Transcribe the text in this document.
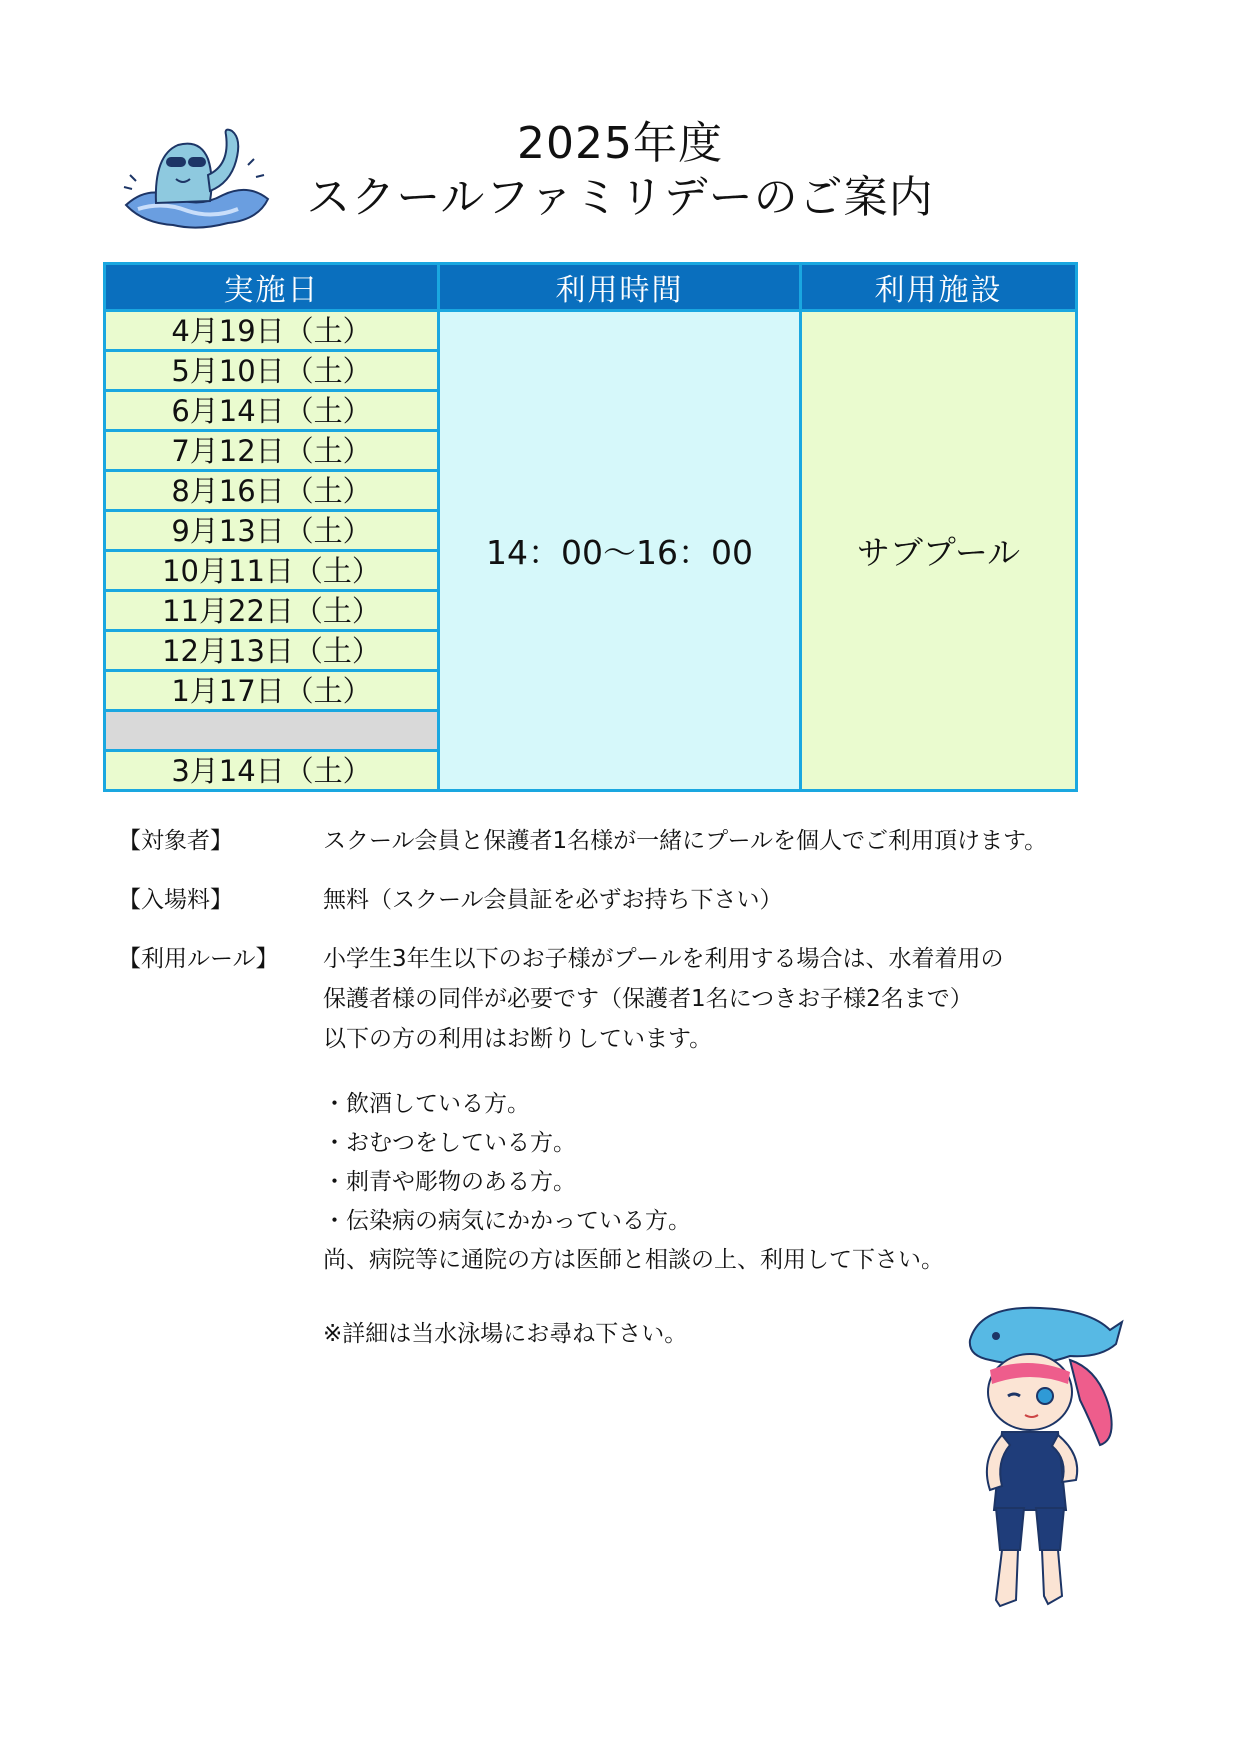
2025年度
スクールファミリデーのご案内
実施日	利用時間	利用施設
4月19日（土）	14：00～16：00	サブプール
5月10日（土）		
6月14日（土）		
7月12日（土）		
8月16日（土）		
9月13日（土）		
10月11日（土）		
11月22日（土）		
12月13日（土）		
1月17日（土）		

3月14日（土）		
【対象者】	スクール会員と保護者1名様が一緒にプールを個人でご利用頂けます。

【入場料】	無料（スクール会員証を必ずお持ち下さい）

【利用ルール】	小学生3年生以下のお子様がプールを利用する場合は、水着着用の

保護者様の同伴が必要です（保護者1名につきお子様2名まで）

以下の方の利用はお断りしています。

・飲酒している方。

・おむつをしている方。

・刺青や彫物のある方。

・伝染病の病気にかかっている方。

尚、病院等に通院の方は医師と相談の上、利用して下さい。

※詳細は当水泳場にお尋ね下さい。
